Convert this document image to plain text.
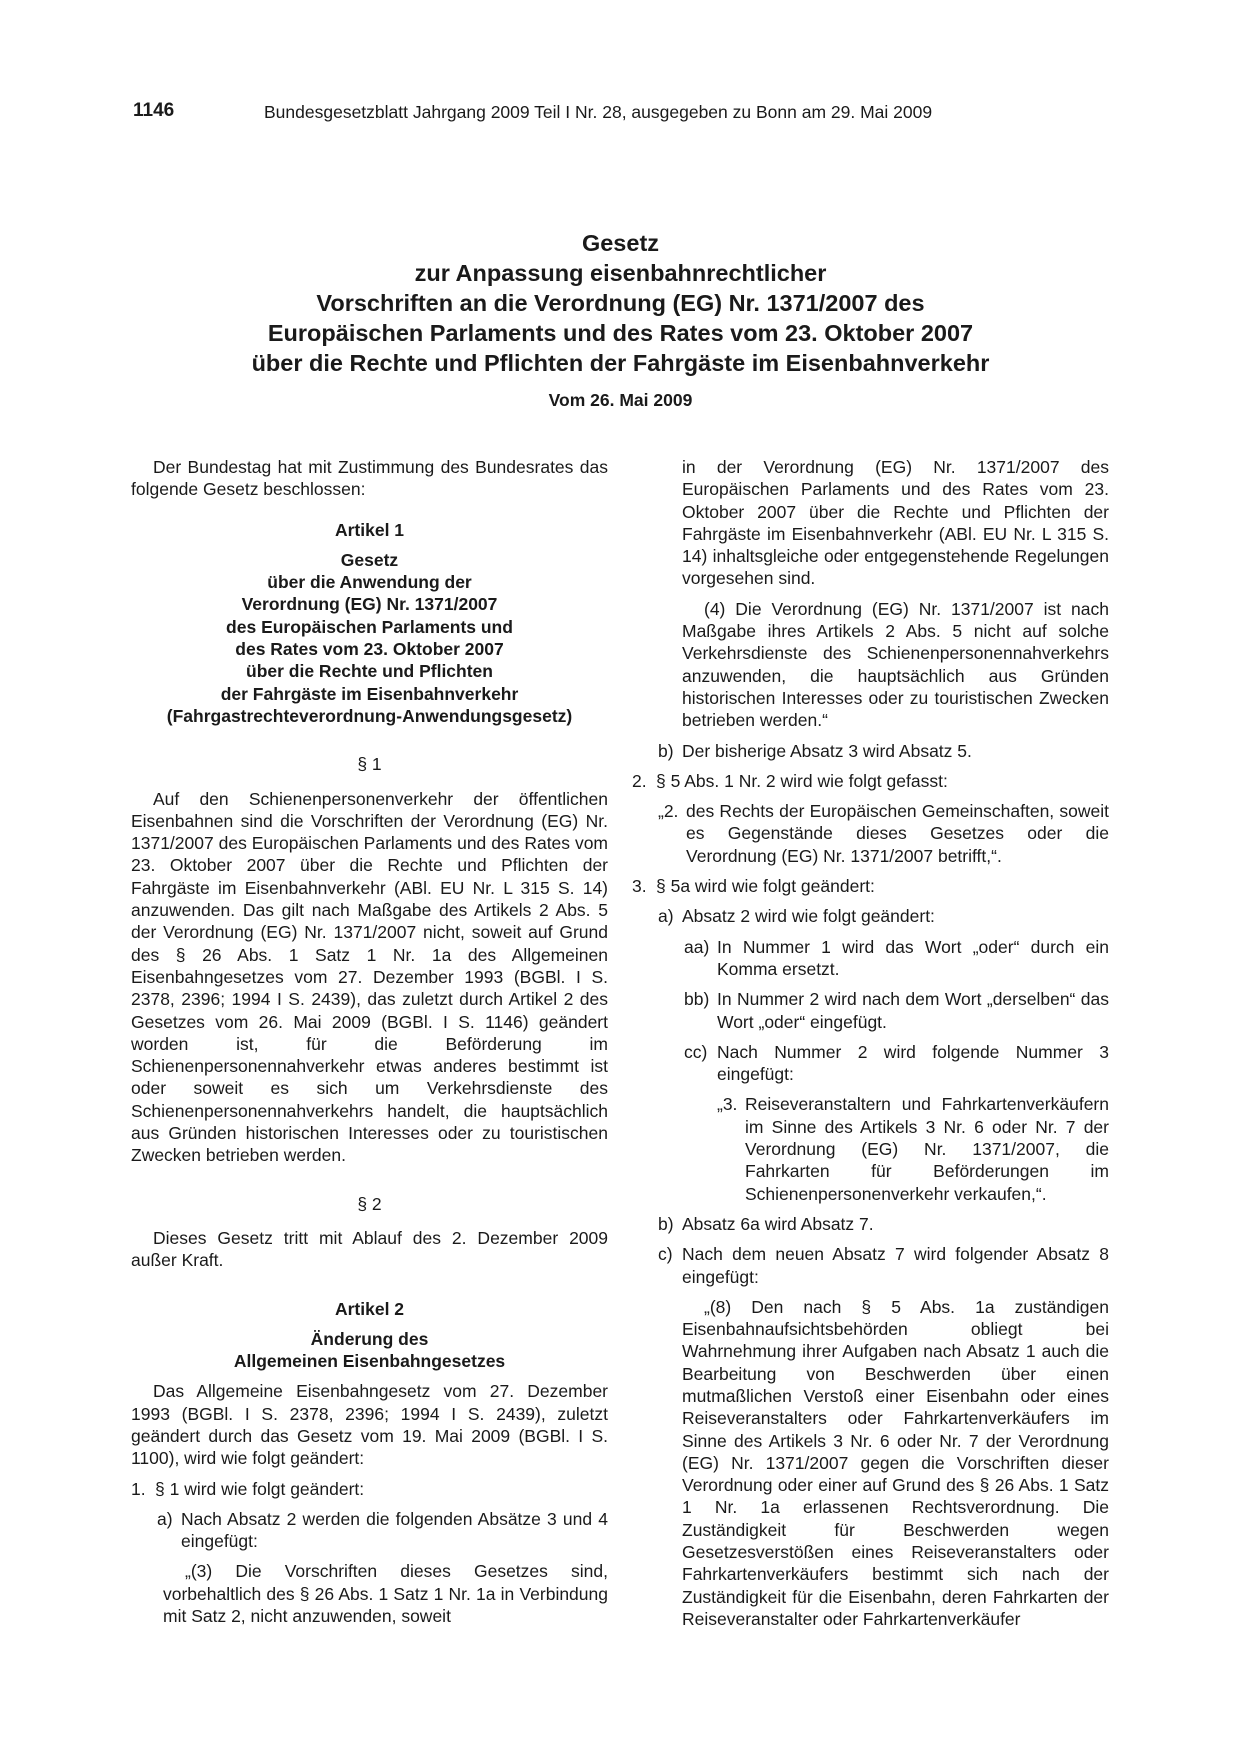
1146	Bundesgesetzblatt Jahrgang 2009 Teil I Nr. 28, ausgegeben zu Bonn am 29. Mai 2009
Gesetz
zur Anpassung eisenbahnrechtlicher
Vorschriften an die Verordnung (EG) Nr. 1371/2007 des
Europäischen Parlaments und des Rates vom 23. Oktober 2007
über die Rechte und Pflichten der Fahrgäste im Eisenbahnverkehr
Vom 26. Mai 2009

Der Bundestag hat mit Zustimmung des Bundesrates das folgende Gesetz beschlossen:

Artikel 1

Gesetz
über die Anwendung der
Verordnung (EG) Nr. 1371/2007
des Europäischen Parlaments und
des Rates vom 23. Oktober 2007
über die Rechte und Pflichten
der Fahrgäste im Eisenbahnverkehr
(Fahrgastrechteverordnung-Anwendungsgesetz)

§ 1

Auf den Schienenpersonenverkehr der öffentlichen Eisenbahnen sind die Vorschriften der Verordnung (EG) Nr. 1371/2007 des Europäischen Parlaments und des Rates vom 23. Oktober 2007 über die Rechte und Pflichten der Fahrgäste im Eisenbahnverkehr (ABl. EU Nr. L 315 S. 14) anzuwenden. Das gilt nach Maßgabe des Artikels 2 Abs. 5 der Verordnung (EG) Nr. 1371/2007 nicht, soweit auf Grund des § 26 Abs. 1 Satz 1 Nr. 1a des Allgemeinen Eisenbahngesetzes vom 27. Dezember 1993 (BGBl. I S. 2378, 2396; 1994 I S. 2439), das zuletzt durch Artikel 2 des Gesetzes vom 26. Mai 2009 (BGBl. I S. 1146) geändert worden ist, für die Beförderung im Schienenpersonennahverkehr etwas anderes bestimmt ist oder soweit es sich um Verkehrsdienste des Schienenpersonennahverkehrs handelt, die hauptsächlich aus Gründen historischen Interesses oder zu touristischen Zwecken betrieben werden.

§ 2

Dieses Gesetz tritt mit Ablauf des 2. Dezember 2009 außer Kraft.

Artikel 2

Änderung des
Allgemeinen Eisenbahngesetzes

Das Allgemeine Eisenbahngesetz vom 27. Dezember 1993 (BGBl. I S. 2378, 2396; 1994 I S. 2439), zuletzt geändert durch das Gesetz vom 19. Mai 2009 (BGBl. I S. 1100), wird wie folgt geändert:

1. § 1 wird wie folgt geändert:
a) Nach Absatz 2 werden die folgenden Absätze 3 und 4 eingefügt:

„(3) Die Vorschriften dieses Gesetzes sind, vorbehaltlich des § 26 Abs. 1 Satz 1 Nr. 1a in Verbindung mit Satz 2, nicht anzuwenden, soweit

in der Verordnung (EG) Nr. 1371/2007 des Europäischen Parlaments und des Rates vom 23. Oktober 2007 über die Rechte und Pflichten der Fahrgäste im Eisenbahnverkehr (ABl. EU Nr. L 315 S. 14) inhaltsgleiche oder entgegenstehende Regelungen vorgesehen sind.

(4) Die Verordnung (EG) Nr. 1371/2007 ist nach Maßgabe ihres Artikels 2 Abs. 5 nicht auf solche Verkehrsdienste des Schienenpersonennahverkehrs anzuwenden, die hauptsächlich aus Gründen historischen Interesses oder zu touristischen Zwecken betrieben werden.“

b) Der bisherige Absatz 3 wird Absatz 5.
2. § 5 Abs. 1 Nr. 2 wird wie folgt gefasst:
„2. des Rechts der Europäischen Gemeinschaften, soweit es Gegenstände dieses Gesetzes oder die Verordnung (EG) Nr. 1371/2007 betrifft,“.
3. § 5a wird wie folgt geändert:
a) Absatz 2 wird wie folgt geändert:
aa) In Nummer 1 wird das Wort „oder“ durch ein Komma ersetzt.
bb) In Nummer 2 wird nach dem Wort „derselben“ das Wort „oder“ eingefügt.
cc) Nach Nummer 2 wird folgende Nummer 3 eingefügt:
„3. Reiseveranstaltern und Fahrkartenverkäufern im Sinne des Artikels 3 Nr. 6 oder Nr. 7 der Verordnung (EG) Nr. 1371/2007, die Fahrkarten für Beförderungen im Schienenpersonenverkehr verkaufen,“.
b) Absatz 6a wird Absatz 7.
c) Nach dem neuen Absatz 7 wird folgender Absatz 8 eingefügt:

„(8) Den nach § 5 Abs. 1a zuständigen Eisenbahnaufsichtsbehörden obliegt bei Wahrnehmung ihrer Aufgaben nach Absatz 1 auch die Bearbeitung von Beschwerden über einen mutmaßlichen Verstoß einer Eisenbahn oder eines Reiseveranstalters oder Fahrkartenverkäufers im Sinne des Artikels 3 Nr. 6 oder Nr. 7 der Verordnung (EG) Nr. 1371/2007 gegen die Vorschriften dieser Verordnung oder einer auf Grund des § 26 Abs. 1 Satz 1 Nr. 1a erlassenen Rechtsverordnung. Die Zuständigkeit für Beschwerden wegen Gesetzesverstößen eines Reiseveranstalters oder Fahrkartenverkäufers bestimmt sich nach der Zuständigkeit für die Eisenbahn, deren Fahrkarten der Reiseveranstalter oder Fahrkartenverkäufer
